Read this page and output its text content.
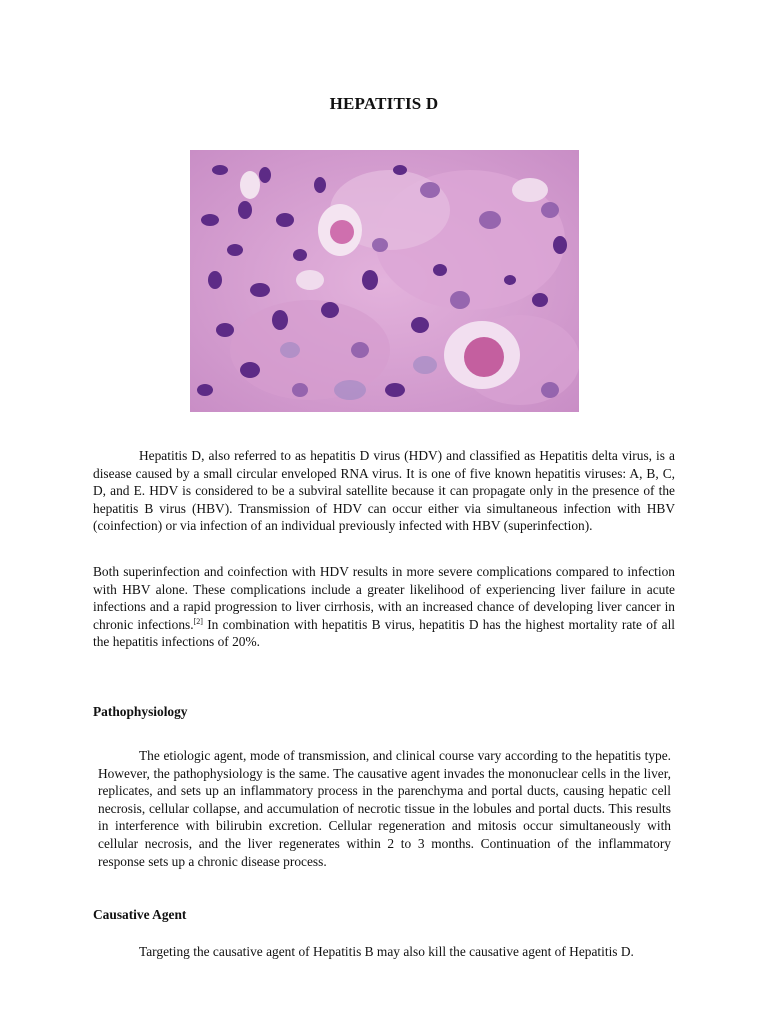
HEPATITIS D

Hepatitis D, also referred to as hepatitis D virus (HDV) and classified as Hepatitis delta virus, is a disease caused by a small circular enveloped RNA virus. It is one of five known hepatitis viruses: A, B, C, D, and E. HDV is considered to be a subviral satellite because it can propagate only in the presence of the hepatitis B virus (HBV). Transmission of HDV can occur either via simultaneous infection with HBV (coinfection) or via infection of an individual previously infected with HBV (superinfection).

Both superinfection and coinfection with HDV results in more severe complications compared to infection with HBV alone. These complications include a greater likelihood of experiencing liver failure in acute infections and a rapid progression to liver cirrhosis, with an increased chance of developing liver cancer in chronic infections.[2] In combination with hepatitis B virus, hepatitis D has the highest mortality rate of all the hepatitis infections of 20%.

Pathophysiology

The etiologic agent, mode of transmission, and clinical course vary according to the hepatitis type. However, the pathophysiology is the same. The causative agent invades the mononuclear cells in the liver, replicates, and sets up an inflammatory process in the parenchyma and portal ducts, causing hepatic cell necrosis, cellular collapse, and accumulation of necrotic tissue in the lobules and portal ducts. This results in interference with bilirubin excretion. Cellular regeneration and mitosis occur simultaneously with cellular necrosis, and the liver regenerates within 2 to 3 months. Continuation of the inflammatory response sets up a chronic disease process.

Causative Agent

Targeting the causative agent of Hepatitis B may also kill the causative agent of Hepatitis D.
